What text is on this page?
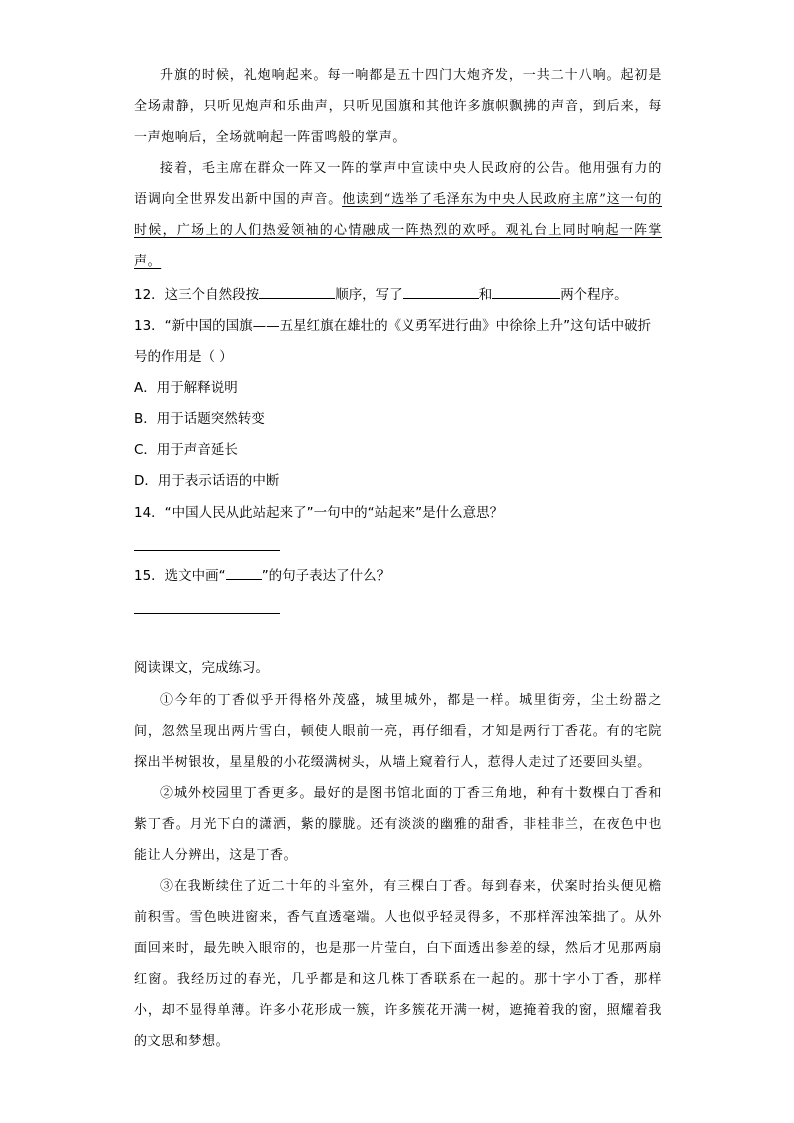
升旗的时候，礼炮响起来。每一响都是五十四门大炮齐发，一共二十八响。起初是全场肃静，只听见炮声和乐曲声，只听见国旗和其他许多旗帜飘拂的声音，到后来，每一声炮响后，全场就响起一阵雷鸣般的掌声。

接着，毛主席在群众一阵又一阵的掌声中宣读中央人民政府的公告。他用强有力的语调向全世界发出新中国的声音。他读到“选举了毛泽东为中央人民政府主席”这一句的时候，广场上的人们热爱领袖的心情融成一阵热烈的欢呼。观礼台上同时响起一阵掌声。

12．这三个自然段按	顺序，写了	和	两个程序。

13．“新中国的国旗——五星红旗在雄壮的《义勇军进行曲》中徐徐上升”这句话中破折

号的作用是（ ）

A．用于解释说明

B．用于话题突然转变

C．用于声音延长

D．用于表示话语的中断

14．“中国人民从此站起来了”一句中的“站起来”是什么意思？

15．选文中画“	”的句子表达了什么？

阅读课文，完成练习。

①今年的丁香似乎开得格外茂盛，城里城外，都是一样。城里街旁，尘土纷嚣之间，忽然呈现出两片雪白，顿使人眼前一亮，再仔细看，才知是两行丁香花。有的宅院探出半树银妆，星星般的小花缀满树头，从墙上窥着行人，惹得人走过了还要回头望。

②城外校园里丁香更多。最好的是图书馆北面的丁香三角地，种有十数棵白丁香和紫丁香。月光下白的潇洒，紫的朦胧。还有淡淡的幽雅的甜香，非桂非兰，在夜色中也能让人分辨出，这是丁香。

③在我断续住了近二十年的斗室外，有三棵白丁香。每到春来，伏案时抬头便见檐前积雪。雪色映进窗来，香气直透毫端。人也似乎轻灵得多，不那样浑浊笨拙了。从外面回来时，最先映入眼帘的，也是那一片莹白，白下面透出参差的绿，然后才见那两扇红窗。我经历过的春光，几乎都是和这几株丁香联系在一起的。那十字小丁香，那样小，却不显得单薄。许多小花形成一簇，许多簇花开满一树，遮掩着我的窗，照耀着我的文思和梦想。
